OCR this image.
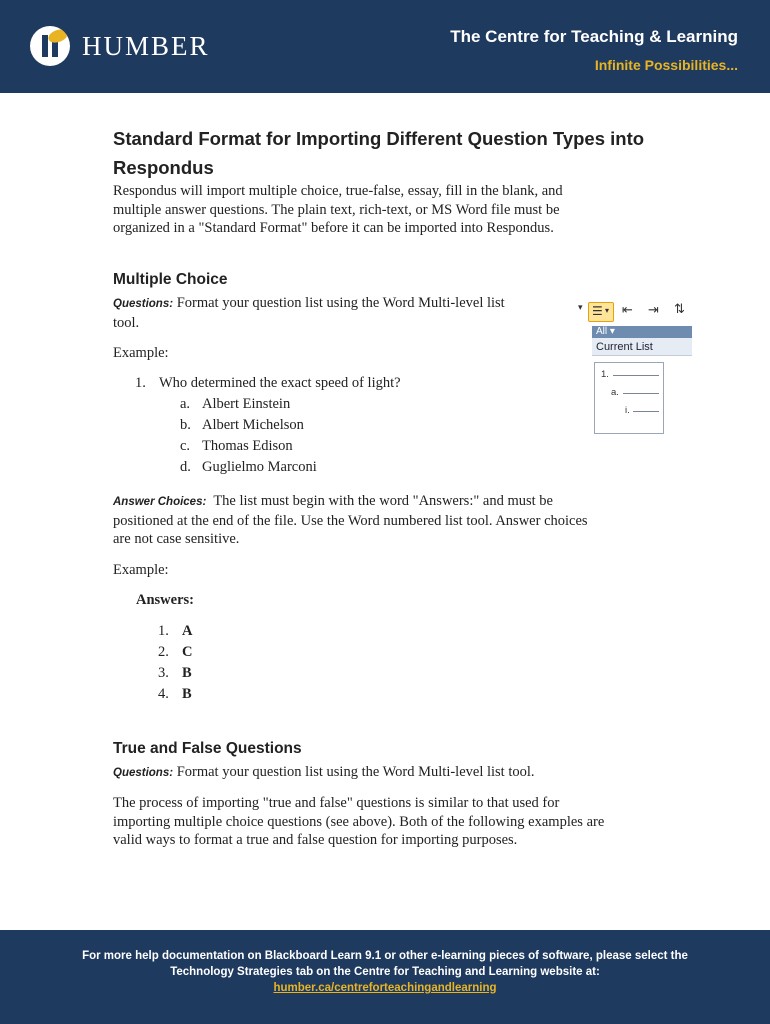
HUMBER	The Centre for Teaching & Learning
Infinite Possibilities...
Standard Format for Importing Different Question Types into
Respondus
Respondus will import multiple choice, true-false, essay, fill in the blank, and
multiple answer questions. The plain text, rich-text, or MS Word file must be
organized in a "Standard Format" before it can be imported into Respondus.
Multiple Choice
Questions: Format your question list using the Word Multi-level list
tool.
Example:
1. Who determined the exact speed of light?
a. Albert Einstein
b. Albert Michelson
c. Thomas Edison
d. Guglielmo Marconi
▾ ☰ ▾ ⇤ ⇥ ⇅
All ▾
Current List
1.
a.
i.
Answer Choices: The list must begin with the word "Answers:" and must be
positioned at the end of the file. Use the Word numbered list tool. Answer choices
are not case sensitive.
Example:
Answers:
1. A
2. C
3. B
4. B
True and False Questions
Questions: Format your question list using the Word Multi-level list tool.
The process of importing "true and false" questions is similar to that used for
importing multiple choice questions (see above). Both of the following examples are
valid ways to format a true and false question for importing purposes.
For more help documentation on Blackboard Learn 9.1 or other e-learning pieces of software, please select the
Technology Strategies tab on the Centre for Teaching and Learning website at:
humber.ca/centreforteachingandlearning
